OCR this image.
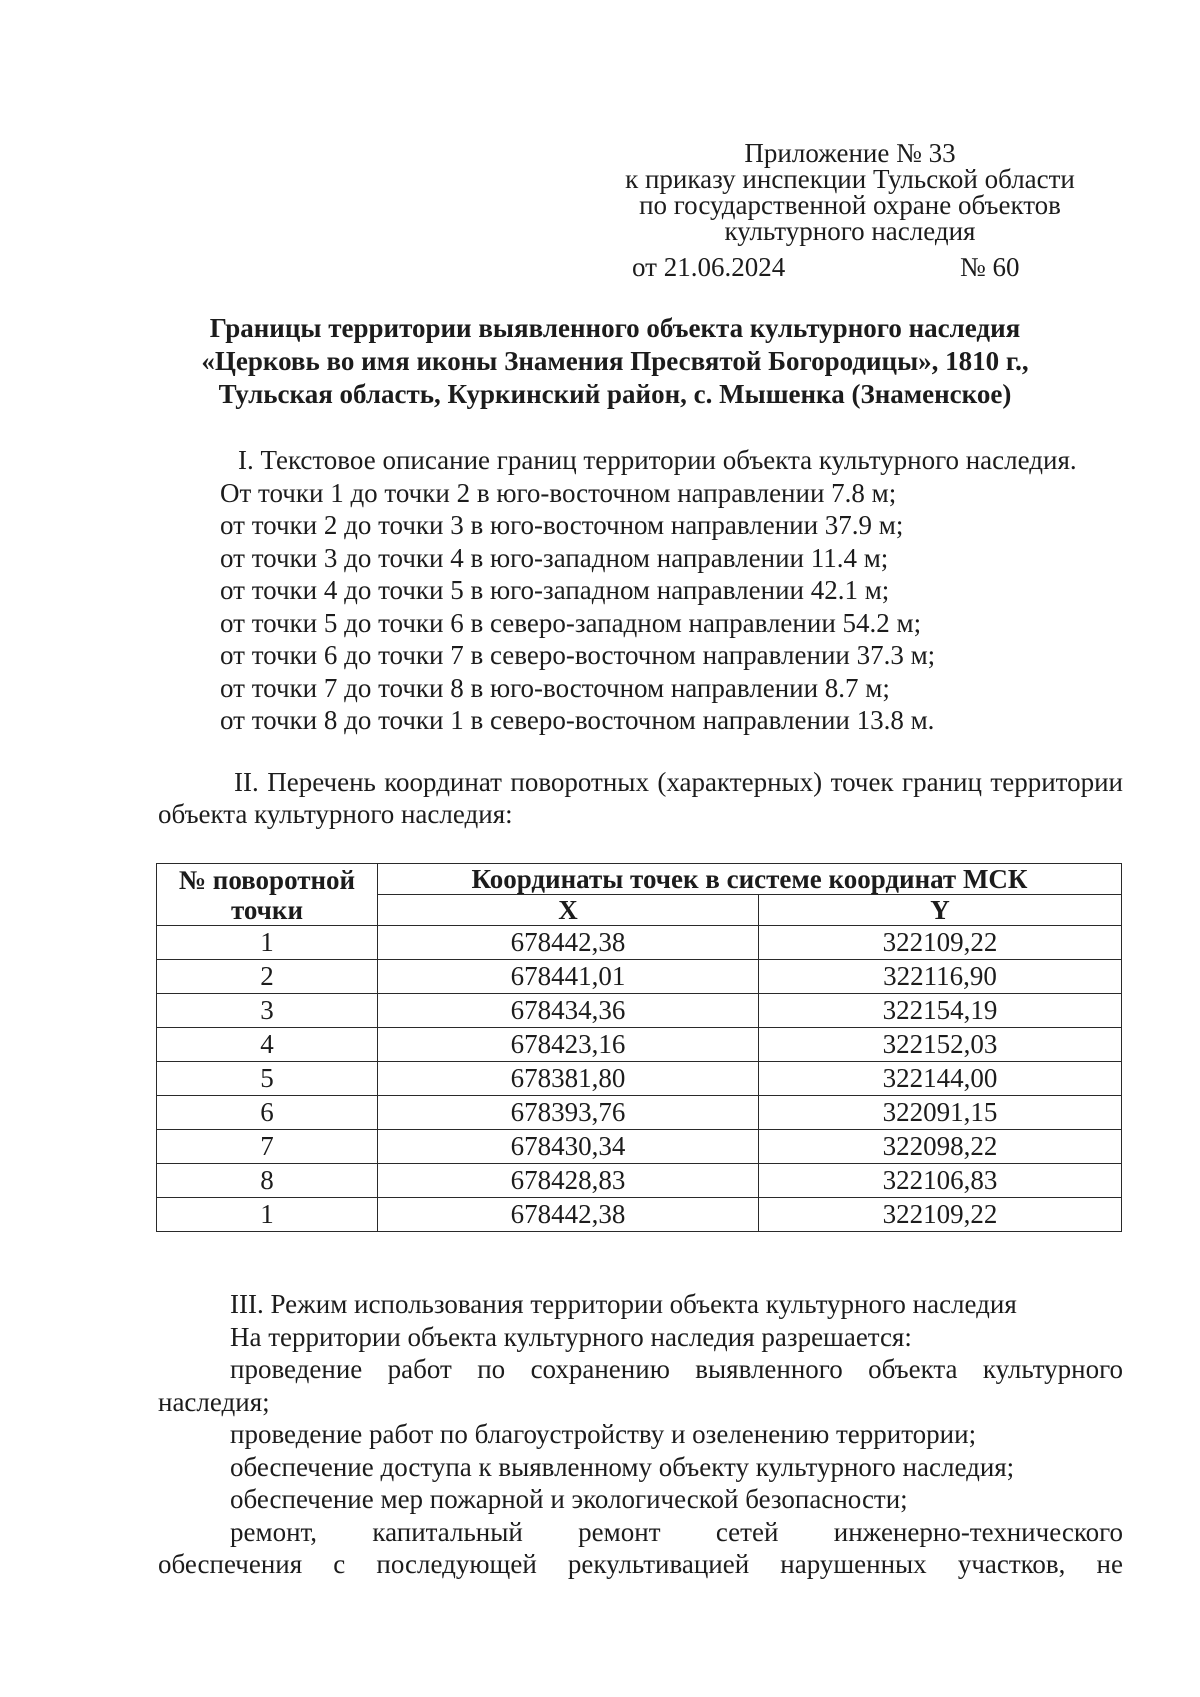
Приложение № 33
к приказу инспекции Тульской области
по государственной охране объектов
культурного наследия
от 21.06.2024	№ 60
Границы территории выявленного объекта культурного наследия
«Церковь во имя иконы Знамения Пресвятой Богородицы», 1810 г.,
Тульская область, Куркинский район, с. Мышенка (Знаменское)
I. Текстовое описание границ территории объекта культурного наследия.
От точки 1 до точки 2 в юго-восточном направлении 7.8 м;
от точки 2 до точки 3 в юго-восточном направлении 37.9 м;
от точки 3 до точки 4 в юго-западном направлении 11.4 м;
от точки 4 до точки 5 в юго-западном направлении 42.1 м;
от точки 5 до точки 6 в северо-западном направлении 54.2 м;
от точки 6 до точки 7 в северо-восточном направлении 37.3 м;
от точки 7 до точки 8 в юго-восточном направлении 8.7 м;
от точки 8 до точки 1 в северо-восточном направлении 13.8 м.
II. Перечень координат поворотных (характерных) точек границ территории объекта культурного наследия:
№ поворотной точки	Координаты точек в системе координат МСК	
	X	Y
1	678442,38	322109,22
2	678441,01	322116,90
3	678434,36	322154,19
4	678423,16	322152,03
5	678381,80	322144,00
6	678393,76	322091,15
7	678430,34	322098,22
8	678428,83	322106,83
1	678442,38	322109,22
III. Режим использования территории объекта культурного наследия
На территории объекта культурного наследия разрешается:
проведение работ по сохранению выявленного объекта культурного наследия;
проведение работ по благоустройству и озеленению территории;
обеспечение доступа к выявленному объекту культурного наследия;
обеспечение мер пожарной и экологической безопасности;
ремонт, капитальный ремонт сетей инженерно-технического
обеспечения с последующей рекультивацией нарушенных участков, не
